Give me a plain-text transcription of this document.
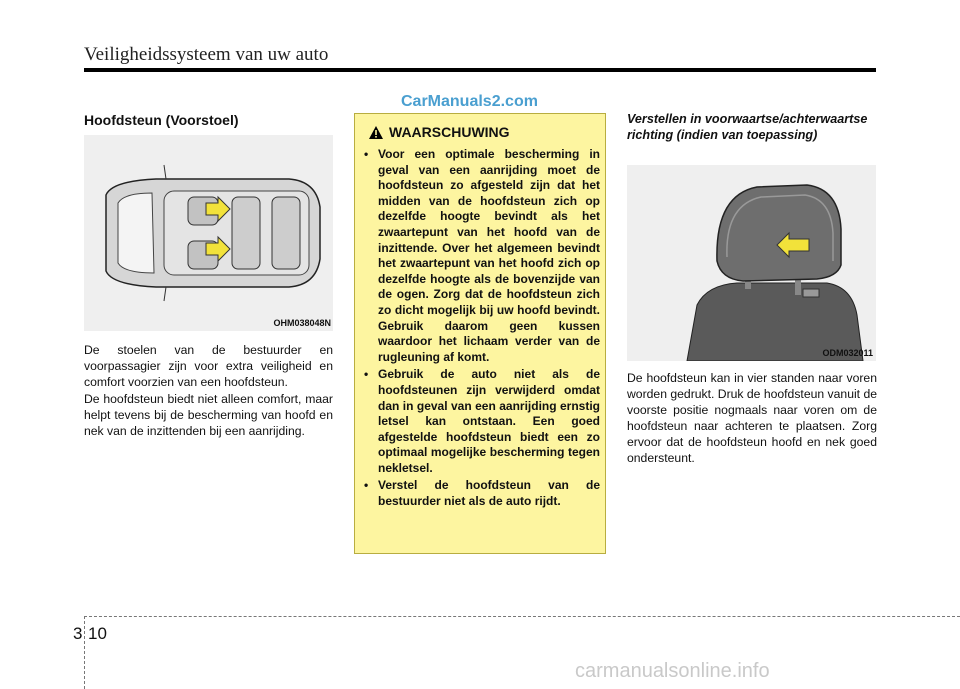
Veiligheidssysteem van uw auto
CarManuals2.com
Hoofdsteun (Voorstoel)
OHM038048N

De stoelen van de bestuurder en voorpassagier zijn voor extra veiligheid en comfort voorzien van een hoofdsteun.

De hoofdsteun biedt niet alleen comfort, maar helpt tevens bij de bescherming van hoofd en nek van de inzittenden bij een aanrijding.

WAARSCHUWING
• Voor een optimale bescherming in geval van een aanrijding moet de hoofdsteun zo afgesteld zijn dat het midden van de hoofdsteun zich op dezelfde hoogte bevindt als het zwaartepunt van het hoofd van de inzittende. Over het algemeen bevindt het zwaartepunt van het hoofd zich op dezelfde hoogte als de bovenzijde van de ogen. Zorg dat de hoofdsteun zich zo dicht mogelijk bij uw hoofd bevindt. Gebruik daarom geen kussen waardoor het lichaam verder van de rugleuning af komt.
• Gebruik de auto niet als de hoofdsteunen zijn verwijderd omdat dan in geval van een aanrijding ernstig letsel kan ontstaan. Een goed afgestelde hoofdsteun biedt een zo optimaal mogelijke bescherming tegen nekletsel.
• Verstel de hoofdsteun van de bestuurder niet als de auto rijdt.

Verstellen in voorwaartse/achterwaartse richting (indien van toepassing)

ODM032011

De hoofdsteun kan in vier standen naar voren worden gedrukt. Druk de hoofdsteun vanuit de voorste positie nogmaals naar voren om de hoofdsteun naar achteren te plaatsen. Zorg ervoor dat de hoofdsteun hoofd en nek goed ondersteunt.

3 10
carmanualsonline.info
